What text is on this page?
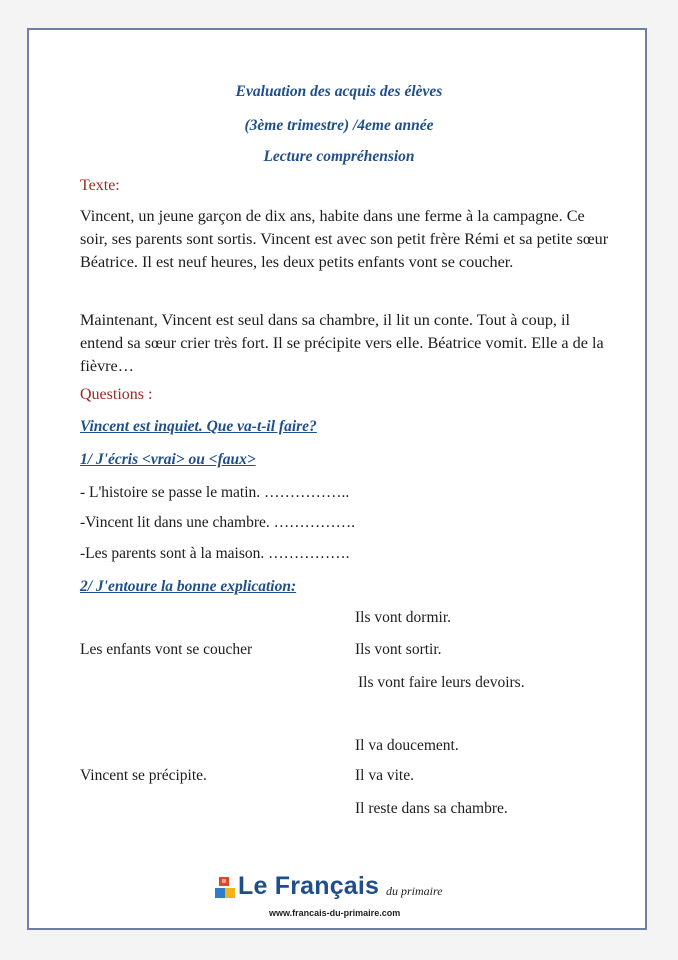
Evaluation des acquis des élèves
(3ème trimestre) /4eme année
Lecture compréhension
Texte:
Vincent, un jeune garçon de dix ans, habite dans une ferme à la campagne. Ce soir, ses parents sont sortis. Vincent est avec son petit frère Rémi et sa petite sœur Béatrice. Il est neuf heures, les deux petits enfants vont se coucher.
Maintenant, Vincent est seul dans sa chambre, il lit un conte. Tout à coup, il entend sa sœur crier très fort. Il se précipite vers elle. Béatrice vomit. Elle a de la fièvre…
Questions :
Vincent est inquiet. Que va-t-il faire?
1/ J'écris <vrai> ou <faux>
- L'histoire se passe le matin. ……………..
-Vincent lit dans une chambre. …………….
-Les parents sont à la maison. …………….
2/ J'entoure la bonne explication:
Ils vont dormir.
Les enfants vont se coucher	Ils vont sortir.
Ils vont faire leurs devoirs.
Il va doucement.
Vincent se précipite.	Il va vite.
Il reste dans sa chambre.
Le Français du primaire
www.francais-du-primaire.com
